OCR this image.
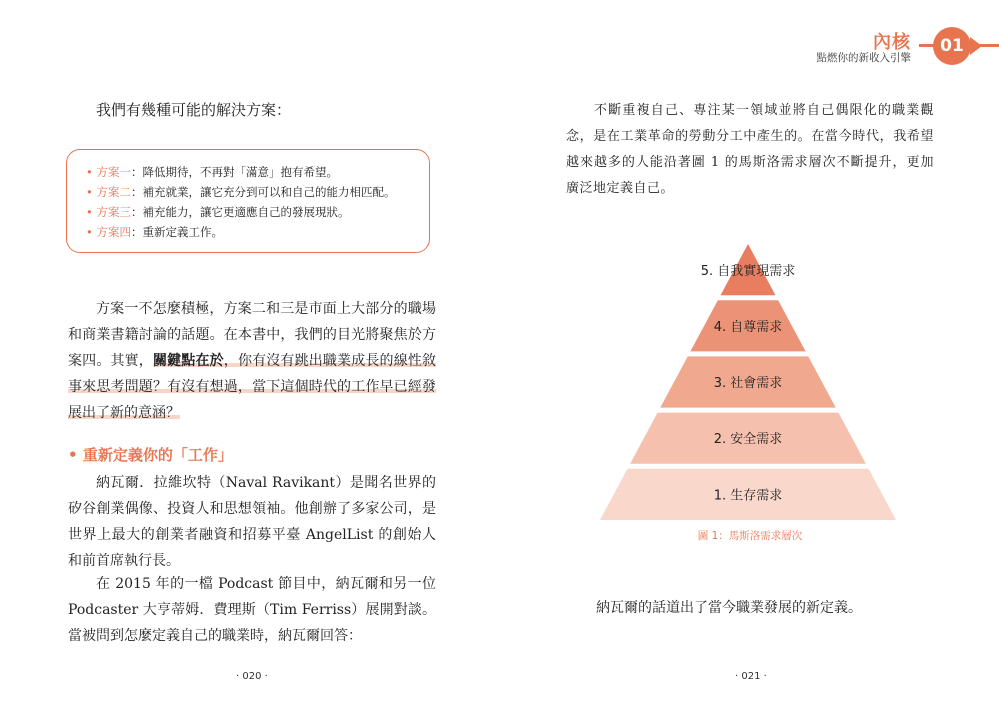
內核
點燃你的新收入引擎
01
我們有幾種可能的解決方案：
• 方案一：降低期待，不再對「滿意」抱有希望。
• 方案二：補充就業，讓它充分到可以和自己的能力相匹配。
• 方案三：補充能力，讓它更適應自己的發展現狀。
• 方案四：重新定義工作。
方案一不怎麼積極，方案二和三是市面上大部分的職場和商業書籍討論的話題。在本書中，我們的目光將聚焦於方案四。其實，關鍵點在於，你有沒有跳出職業成長的線性敘事來思考問題？有沒有想過，當下這個時代的工作早已經發展出了新的意涵？
• 重新定義你的「工作」
納瓦爾．拉維坎特（Naval Ravikant）是聞名世界的矽谷創業偶像、投資人和思想領袖。他創辦了多家公司，是世界上最大的創業者融資和招募平臺 AngelList 的創始人和前首席執行長。
在 2015 年的一檔 Podcast 節目中，納瓦爾和另一位 Podcaster 大亨蒂姆．費理斯（Tim Ferriss）展開對談。當被問到怎麼定義自己的職業時，納瓦爾回答：
· 020 ·
不斷重複自己、專注某一領域並將自己偶限化的職業觀念，是在工業革命的勞動分工中產生的。在當今時代，我希望越來越多的人能沿著圖 1 的馬斯洛需求層次不斷提升，更加廣泛地定義自己。
5. 自我實現需求
4. 自尊需求
3. 社會需求
2. 安全需求
1. 生存需求
圖 1：馬斯洛需求層次
納瓦爾的話道出了當今職業發展的新定義。
· 021 ·
